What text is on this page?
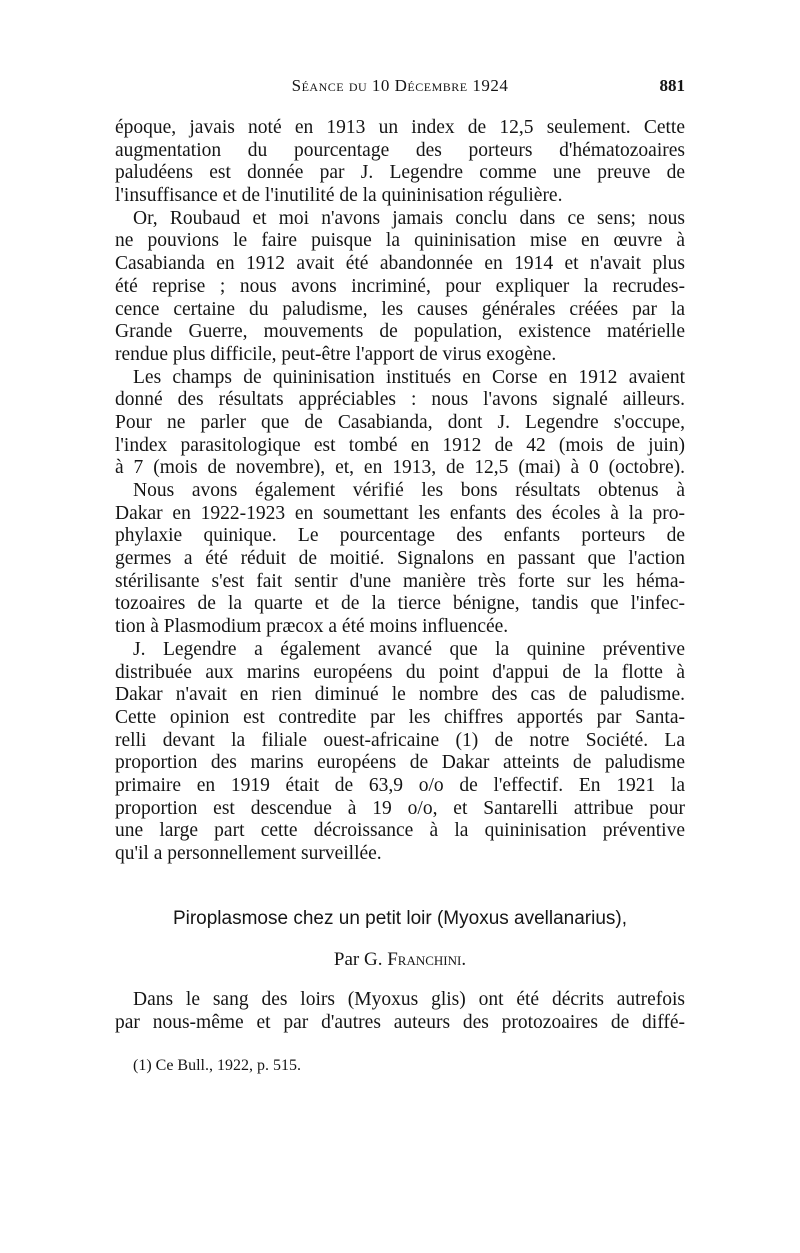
Séance du 10 Décembre 1924	881
époque, javais noté en 1913 un index de 12,5 seulement. Cette
augmentation du pourcentage des porteurs d'hématozoaires
paludéens est donnée par J. Legendre comme une preuve de
l'insuffisance et de l'inutilité de la quininisation régulière.
Or, Roubaud et moi n'avons jamais conclu dans ce sens; nous
ne pouvions le faire puisque la quininisation mise en œuvre à
Casabianda en 1912 avait été abandonnée en 1914 et n'avait plus
été reprise ; nous avons incriminé, pour expliquer la recrudes-
cence certaine du paludisme, les causes générales créées par la
Grande Guerre, mouvements de population, existence matérielle
rendue plus difficile, peut-être l'apport de virus exogène.
Les champs de quininisation institués en Corse en 1912 avaient
donné des résultats appréciables : nous l'avons signalé ailleurs.
Pour ne parler que de Casabianda, dont J. Legendre s'occupe,
l'index parasitologique est tombé en 1912 de 42 (mois de juin)
à 7 (mois de novembre), et, en 1913, de 12,5 (mai) à 0 (octobre).
Nous avons également vérifié les bons résultats obtenus à
Dakar en 1922-1923 en soumettant les enfants des écoles à la pro-
phylaxie quinique. Le pourcentage des enfants porteurs de
germes a été réduit de moitié. Signalons en passant que l'action
stérilisante s'est fait sentir d'une manière très forte sur les héma-
tozoaires de la quarte et de la tierce bénigne, tandis que l'infec-
tion à Plasmodium præcox a été moins influencée.
J. Legendre a également avancé que la quinine préventive
distribuée aux marins européens du point d'appui de la flotte à
Dakar n'avait en rien diminué le nombre des cas de paludisme.
Cette opinion est contredite par les chiffres apportés par Santa-
relli devant la filiale ouest-africaine (1) de notre Société. La
proportion des marins européens de Dakar atteints de paludisme
primaire en 1919 était de 63,9 o/o de l'effectif. En 1921 la
proportion est descendue à 19 o/o, et Santarelli attribue pour
une large part cette décroissance à la quininisation préventive
qu'il a personnellement surveillée.
Piroplasmose chez un petit loir (Myoxus avellanarius),
Par G. Franchini.
Dans le sang des loirs (Myoxus glis) ont été décrits autrefois
par nous-même et par d'autres auteurs des protozoaires de diffé-
(1) Ce Bull., 1922, p. 515.
